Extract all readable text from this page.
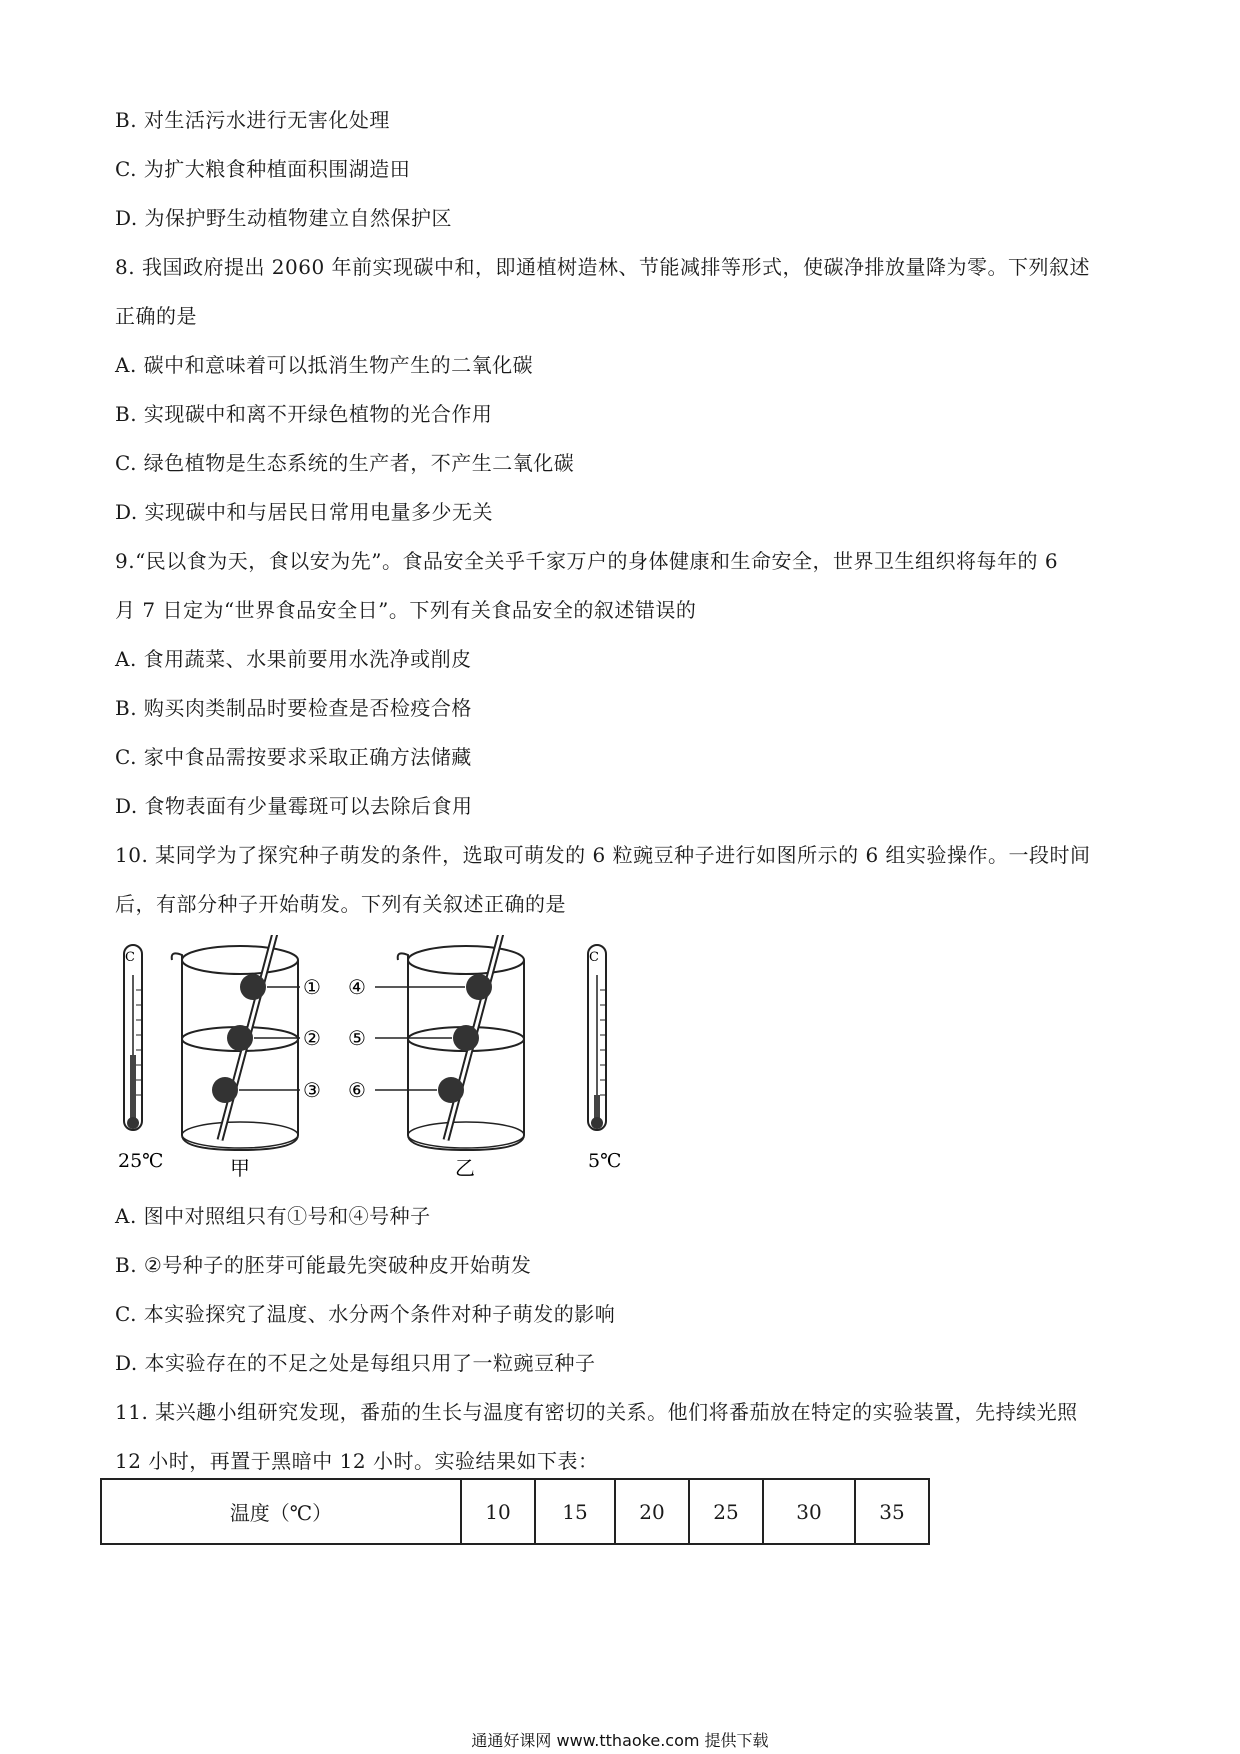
B. 对生活污水进行无害化处理
C. 为扩大粮食种植面积围湖造田
D. 为保护野生动植物建立自然保护区
8. 我国政府提出 2060 年前实现碳中和，即通植树造林、节能减排等形式，使碳净排放量降为零。下列叙述
正确的是
A. 碳中和意味着可以抵消生物产生的二氧化碳
B. 实现碳中和离不开绿色植物的光合作用
C. 绿色植物是生态系统的生产者，不产生二氧化碳
D. 实现碳中和与居民日常用电量多少无关
9.“民以食为天，食以安为先”。食品安全关乎千家万户的身体健康和生命安全，世界卫生组织将每年的 6
月 7 日定为“世界食品安全日”。下列有关食品安全的叙述错误的
A. 食用蔬菜、水果前要用水洗净或削皮
B. 购买肉类制品时要检查是否检疫合格
C. 家中食品需按要求采取正确方法储藏
D. 食物表面有少量霉斑可以去除后食用
10. 某同学为了探究种子萌发的条件，选取可萌发的 6 粒豌豆种子进行如图所示的 6 组实验操作。一段时间
后，有部分种子开始萌发。下列有关叙述正确的是
C
25℃
①
②
③
甲
④
⑤
⑥
乙
C
5℃
A. 图中对照组只有①号和④号种子
B. ②号种子的胚芽可能最先突破种皮开始萌发
C. 本实验探究了温度、水分两个条件对种子萌发的影响
D. 本实验存在的不足之处是每组只用了一粒豌豆种子
11. 某兴趣小组研究发现，番茄的生长与温度有密切的关系。他们将番茄放在特定的实验装置，先持续光照
12 小时，再置于黑暗中 12 小时。实验结果如下表：
温度（℃）	10	15	20	25	30	35
通通好课网 www.tthaoke.com 提供下载
